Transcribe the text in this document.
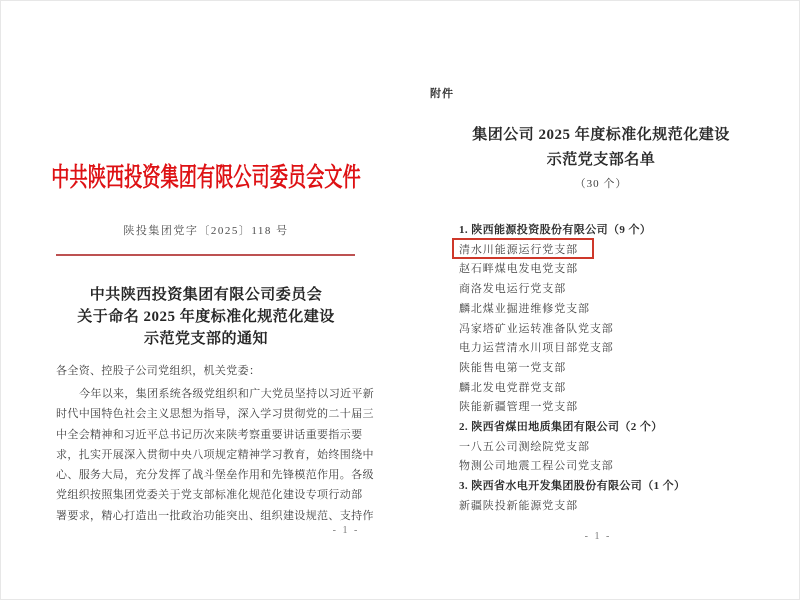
中共陕西投资集团有限公司委员会文件
陕投集团党字〔2025〕118 号
中共陕西投资集团有限公司委员会
关于命名 2025 年度标准化规范化建设
示范党支部的通知
各全资、控股子公司党组织，机关党委：
今年以来，集团系统各级党组织和广大党员坚持以习近平新
时代中国特色社会主义思想为指导，深入学习贯彻党的二十届三
中全会精神和习近平总书记历次来陕考察重要讲话重要指示要
求，扎实开展深入贯彻中央八项规定精神学习教育，始终围绕中
心、服务大局，充分发挥了战斗堡垒作用和先锋模范作用。各级
党组织按照集团党委关于党支部标准化规范化建设专项行动部
署要求，精心打造出一批政治功能突出、组织建设规范、支持作
- 1 -
附件
集团公司 2025 年度标准化规范化建设
示范党支部名单
（30 个）
1. 陕西能源投资股份有限公司（9 个）
清水川能源运行党支部
赵石畔煤电发电党支部
商洛发电运行党支部
麟北煤业掘进维修党支部
冯家塔矿业运转准备队党支部
电力运营清水川项目部党支部
陕能售电第一党支部
麟北发电党群党支部
陕能新疆管理一党支部
2. 陕西省煤田地质集团有限公司（2 个）
一八五公司测绘院党支部
物测公司地震工程公司党支部
3. 陕西省水电开发集团股份有限公司（1 个）
新疆陕投新能源党支部
- 1 -
